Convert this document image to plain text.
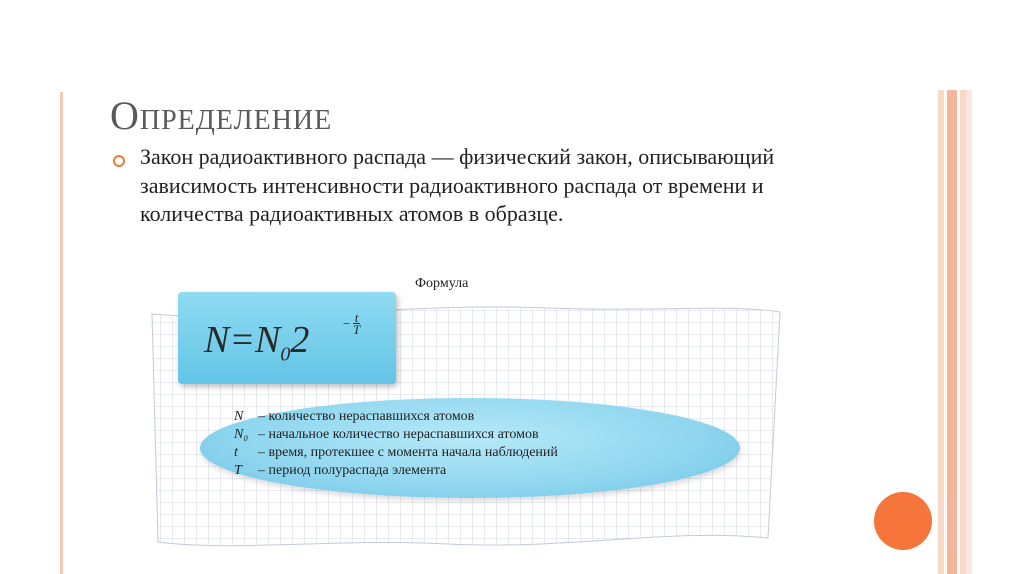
Определение
Закон радиоактивного распада — физический закон, описывающий зависимость интенсивности радиоактивного распада от времени и количества радиоактивных атомов в образце.
Формула
$N=N_02$	− $\frac{t}{T}$
N – количество нераспавшихся атомов
N₀ – начальное количество нераспавшихся атомов
t – время, протекшее с момента начала наблюдений
T – период полураспада элемента
